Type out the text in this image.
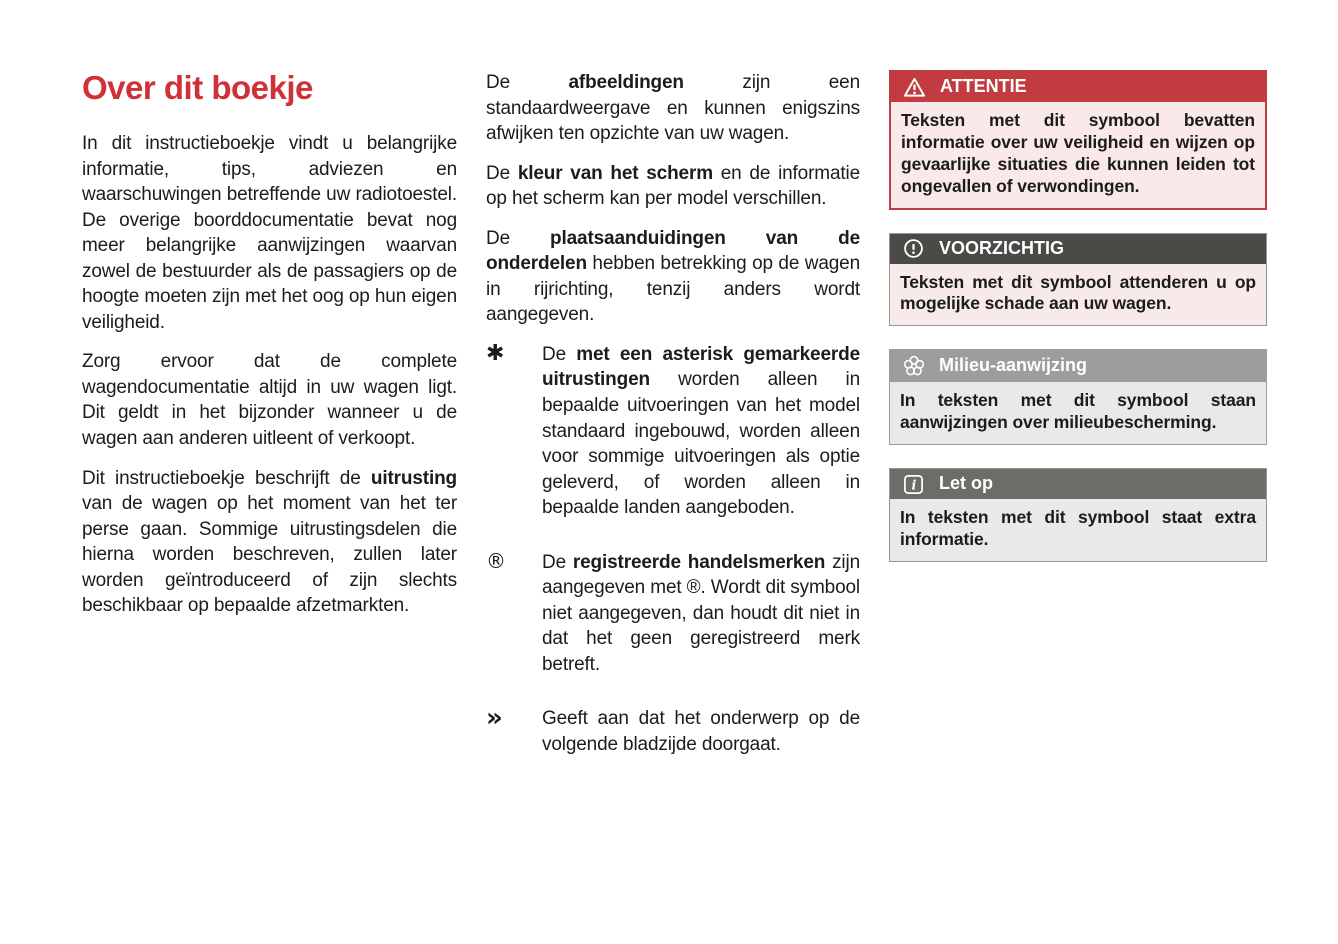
Over dit boekje

In dit instructieboekje vindt u belangrijke informatie, tips, adviezen en waarschuwingen betreffende uw radiotoestel. De overige boorddocumentatie bevat nog meer belangrijke aanwijzingen waarvan zowel de bestuurder als de passagiers op de hoogte moeten zijn met het oog op hun eigen veiligheid.

Zorg ervoor dat de complete wagendocumentatie altijd in uw wagen ligt. Dit geldt in het bijzonder wanneer u de wagen aan anderen uitleent of verkoopt.

Dit instructieboekje beschrijft de uitrusting van de wagen op het moment van het ter perse gaan. Sommige uitrustingsdelen die hierna worden beschreven, zullen later worden geïntroduceerd of zijn slechts beschikbaar op bepaalde afzetmarkten.

De afbeeldingen zijn een standaardweergave en kunnen enigszins afwijken ten opzichte van uw wagen.

De kleur van het scherm en de informatie op het scherm kan per model verschillen.

De plaatsaanduidingen van de onderdelen hebben betrekking op de wagen in rijrichting, tenzij anders wordt aangegeven.

✱	De met een asterisk gemarkeerde uitrustingen worden alleen in bepaalde uitvoeringen van het model standaard ingebouwd, worden alleen voor sommige uitvoeringen als optie geleverd, of worden alleen in bepaalde landen aangeboden.

®	De registreerde handelsmerken zijn aangegeven met ®. Wordt dit symbool niet aangegeven, dan houdt dit niet in dat het geen geregistreerd merk betreft.

»	Geeft aan dat het onderwerp op de volgende bladzijde doorgaat.

ATTENTIE

Teksten met dit symbool bevatten informatie over uw veiligheid en wijzen op gevaarlijke situaties die kunnen leiden tot ongevallen of verwondingen.

VOORZICHTIG

Teksten met dit symbool attenderen u op mogelijke schade aan uw wagen.

Milieu-aanwijzing

In teksten met dit symbool staan aanwijzingen over milieubescherming.

i Let op

In teksten met dit symbool staat extra informatie.
